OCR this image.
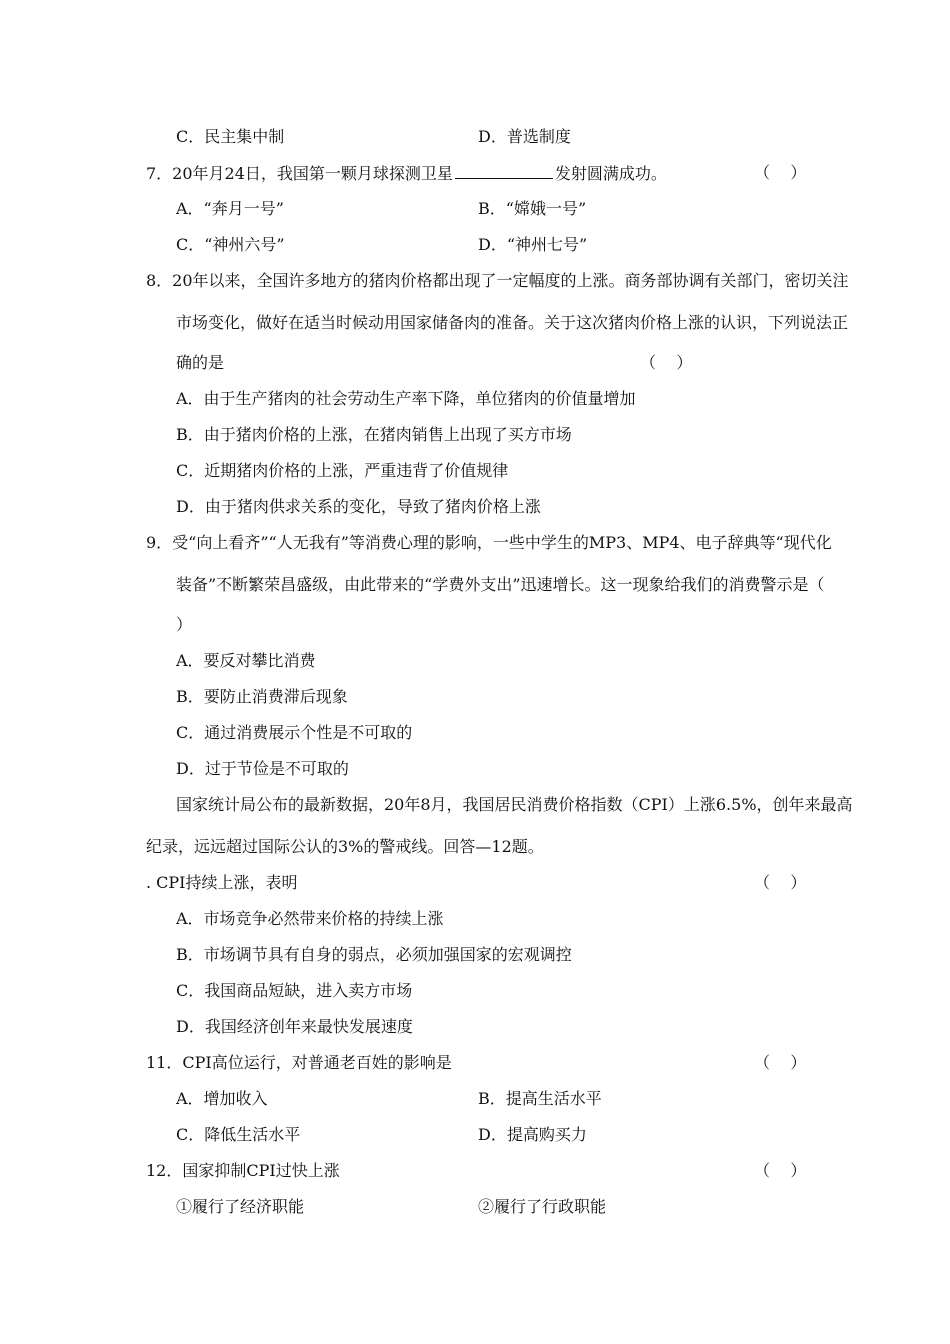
C．民主集中制	D．普选制度
7．20年月24日，我国第一颗月球探测卫星	发射圆满成功。	（    ）
A．“奔月一号”	B．“嫦娥一号”
C．“神州六号”	D．“神州七号”
8．20年以来，全国许多地方的猪肉价格都出现了一定幅度的上涨。商务部协调有关部门，密切关注
市场变化，做好在适当时候动用国家储备肉的准备。关于这次猪肉价格上涨的认识，下列说法正
确的是	（    ）
A．由于生产猪肉的社会劳动生产率下降，单位猪肉的价值量增加
B．由于猪肉价格的上涨，在猪肉销售上出现了买方市场
C．近期猪肉价格的上涨，严重违背了价值规律
D．由于猪肉供求关系的变化，导致了猪肉价格上涨
9．受“向上看齐”“人无我有”等消费心理的影响，一些中学生的MP3、MP4、电子辞典等“现代化
装备”不断繁荣昌盛级，由此带来的“学费外支出”迅速增长。这一现象给我们的消费警示是（
）
A．要反对攀比消费
B．要防止消费滞后现象
C．通过消费展示个性是不可取的
D．过于节俭是不可取的
国家统计局公布的最新数据，20年8月，我国居民消费价格指数（CPI）上涨6.5%，创年来最高
纪录，远远超过国际公认的3%的警戒线。回答—12题。
. CPI持续上涨，表明	（    ）
A．市场竞争必然带来价格的持续上涨
B．市场调节具有自身的弱点，必须加强国家的宏观调控
C．我国商品短缺，进入卖方市场
D．我国经济创年来最快发展速度
11．CPI高位运行，对普通老百姓的影响是	（    ）
A．增加收入	B．提高生活水平
C．降低生活水平	D．提高购买力
12．国家抑制CPI过快上涨	（    ）
①履行了经济职能	②履行了行政职能
